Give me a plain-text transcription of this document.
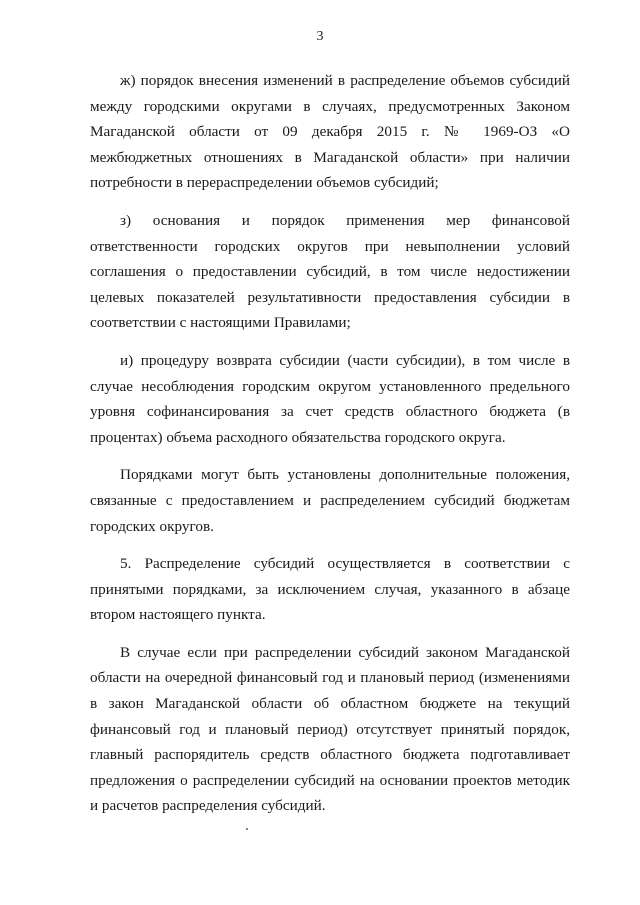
3

ж) порядок внесения изменений в распределение объемов субсидий между городскими округами в случаях, предусмотренных Законом Магаданской области от 09 декабря 2015 г. № 1969-ОЗ «О межбюджетных отношениях в Магаданской области» при наличии потребности в перераспределении объемов субсидий;

з) основания и порядок применения мер финансовой ответственности городских округов при невыполнении условий соглашения о предоставлении субсидий, в том числе недостижении целевых показателей результативности предоставления субсидии в соответствии с настоящими Правилами;

и) процедуру возврата субсидии (части субсидии), в том числе в случае несоблюдения городским округом установленного предельного уровня софинансирования за счет средств областного бюджета (в процентах) объема расходного обязательства городского округа.

Порядками могут быть установлены дополнительные положения, связанные с предоставлением и распределением субсидий бюджетам городских округов.

5. Распределение субсидий осуществляется в соответствии с принятыми порядками, за исключением случая, указанного в абзаце втором настоящего пункта.

В случае если при распределении субсидий законом Магаданской области на очередной финансовый год и плановый период (изменениями в закон Магаданской области об областном бюджете на текущий финансовый год и плановый период) отсутствует принятый порядок, главный распорядитель средств областного бюджета подготавливает предложения о распределении субсидий на основании проектов методик и расчетов распределения субсидий.
